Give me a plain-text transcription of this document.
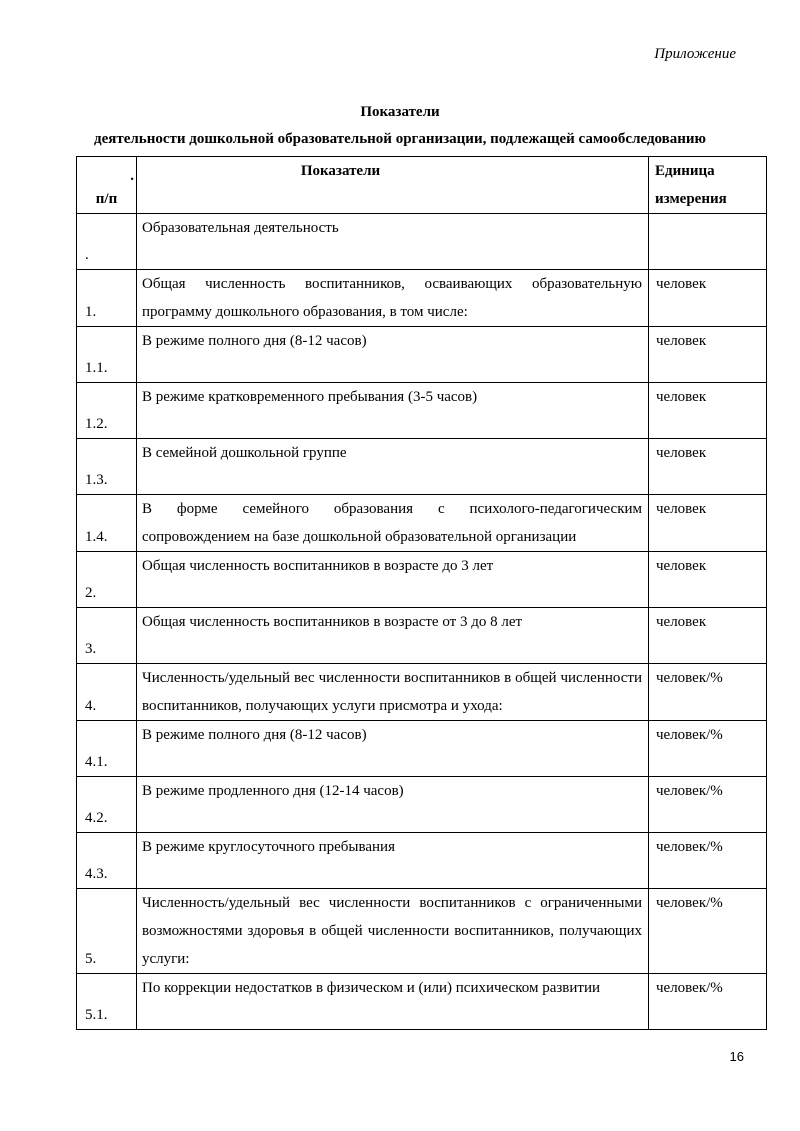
Приложение
Показатели
деятельности дошкольной образовательной организации, подлежащей самообследованию
.
п/п	Показатели	Единица измерения
.	Образовательная деятельность	
1.	Общая численность воспитанников, осваивающих образовательную программу дошкольного образования, в том числе:	человек
1.1.	В режиме полного дня (8-12 часов)	человек
1.2.	В режиме кратковременного пребывания (3-5 часов)	человек
1.3.	В семейной дошкольной группе	человек
1.4.	В форме семейного образования с психолого-педагогическим сопровождением на базе дошкольной образовательной организации	человек
2.	Общая численность воспитанников в возрасте до 3 лет	человек
3.	Общая численность воспитанников в возрасте от 3 до 8 лет	человек
4.	Численность/удельный вес численности воспитанников в общей численности воспитанников, получающих услуги присмотра и ухода:	человек/%
4.1.	В режиме полного дня (8-12 часов)	человек/%
4.2.	В режиме продленного дня (12-14 часов)	человек/%
4.3.	В режиме круглосуточного пребывания	человек/%
5.	Численность/удельный вес численности воспитанников с ограниченными возможностями здоровья в общей численности воспитанников, получающих услуги:	человек/%
5.1.	По коррекции недостатков в физическом и (или) психическом развитии	человек/%
16
